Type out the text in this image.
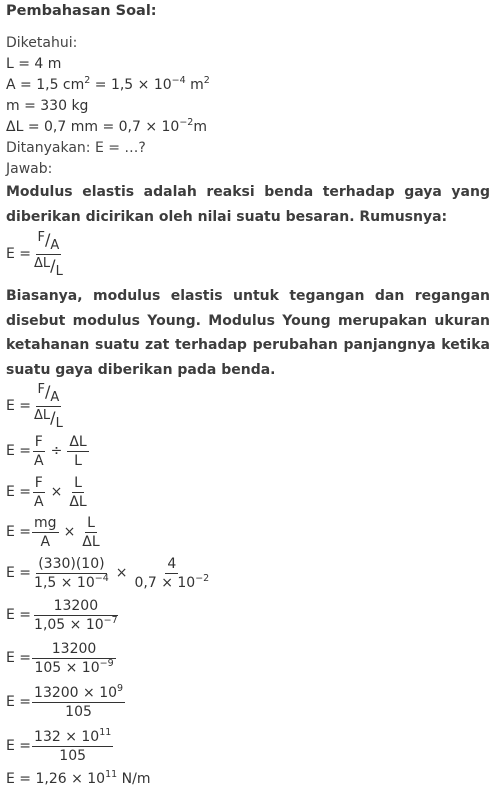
Pembahasan Soal:
Diketahui:
L = 4 m
A = 1,5 $cm^2 = 1,5 \times 10^{-4}$ $m^2$
m = 330 kg
ΔL = 0,7 mm = $0,7 \times 10^{-2}m$
Ditanyakan: E = …?
Jawab:

Modulus elastis adalah reaksi benda terhadap gaya yang diberikan dicirikan oleh nilai suatu besaran. Rumusnya:

$E = \frac{F/A}{\Delta L/L}$

Biasanya, modulus elastis untuk tegangan dan regangan disebut modulus Young. Modulus Young merupakan ukuran ketahanan suatu zat terhadap perubahan panjangnya ketika suatu gaya diberikan pada benda.

$E = \frac{F/A}{\Delta L/L}$
$E = \frac{F}{A} \div \frac{\Delta L}{L}$
$E = \frac{F}{A} \times \frac{L}{\Delta L}$
$E = \frac{mg}{A} \times \frac{L}{\Delta L}$
$E = \frac{(330)(10)}{1,5 \times 10^{-4}} \times \frac{4}{0,7 \times 10^{-2}}$
$E = \frac{13200}{1,05 \times 10^{-7}}$
$E = \frac{13200}{105 \times 10^{-9}}$
$E = \frac{13200 \times 10^9}{105}$
$E = \frac{132 \times 10^{11}}{105}$
$E = 1,26 \times 10^{11}$ N/m
